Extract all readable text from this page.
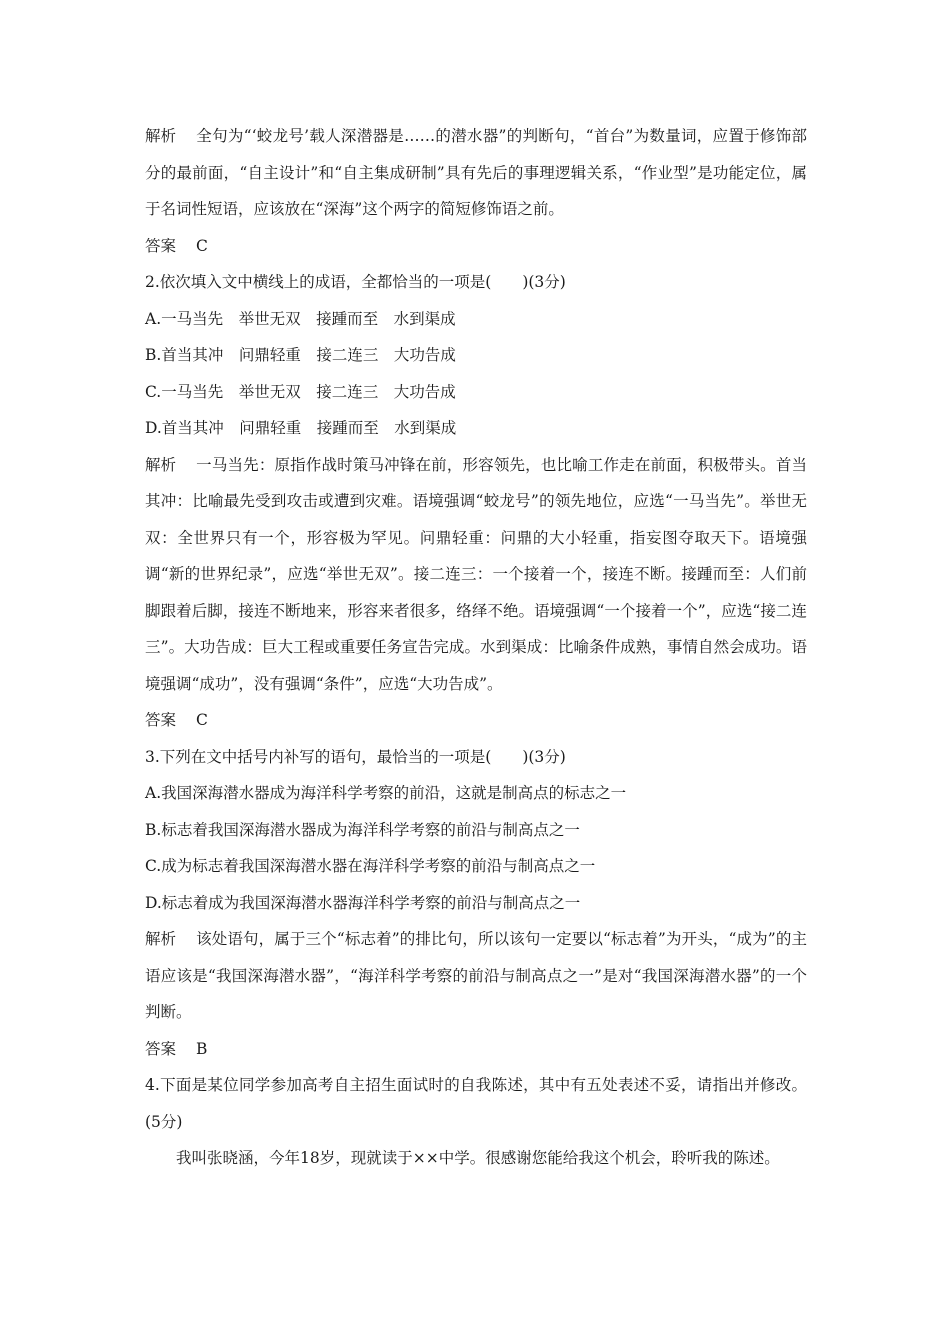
解析 全句为“‘蛟龙号’载人深潜器是……的潜水器”的判断句，“首台”为数量词，应置于修饰部分的最前面，“自主设计”和“自主集成研制”具有先后的事理逻辑关系，“作业型”是功能定位，属于名词性短语，应该放在“深海”这个两字的简短修饰语之前。

答案 C

2.依次填入文中横线上的成语，全都恰当的一项是(　　)(3分)

A.一马当先　举世无双　接踵而至　水到渠成

B.首当其冲　问鼎轻重　接二连三　大功告成

C.一马当先　举世无双　接二连三　大功告成

D.首当其冲　问鼎轻重　接踵而至　水到渠成

解析 一马当先：原指作战时策马冲锋在前，形容领先，也比喻工作走在前面，积极带头。首当其冲：比喻最先受到攻击或遭到灾难。语境强调“蛟龙号”的领先地位，应选“一马当先”。举世无双：全世界只有一个，形容极为罕见。问鼎轻重：问鼎的大小轻重，指妄图夺取天下。语境强调“新的世界纪录”，应选“举世无双”。接二连三：一个接着一个，接连不断。接踵而至：人们前脚跟着后脚，接连不断地来，形容来者很多，络绎不绝。语境强调“一个接着一个”，应选“接二连三”。大功告成：巨大工程或重要任务宣告完成。水到渠成：比喻条件成熟，事情自然会成功。语境强调“成功”，没有强调“条件”，应选“大功告成”。

答案 C

3.下列在文中括号内补写的语句，最恰当的一项是(　　)(3分)

A.我国深海潜水器成为海洋科学考察的前沿，这就是制高点的标志之一

B.标志着我国深海潜水器成为海洋科学考察的前沿与制高点之一

C.成为标志着我国深海潜水器在海洋科学考察的前沿与制高点之一

D.标志着成为我国深海潜水器海洋科学考察的前沿与制高点之一

解析 该处语句，属于三个“标志着”的排比句，所以该句一定要以“标志着”为开头，“成为”的主语应该是“我国深海潜水器”，“海洋科学考察的前沿与制高点之一”是对“我国深海潜水器”的一个判断。

答案 B

4.下面是某位同学参加高考自主招生面试时的自我陈述，其中有五处表述不妥，请指出并修改。(5分)

我叫张晓涵，今年18岁，现就读于××中学。很感谢您能给我这个机会，聆听我的陈述。
